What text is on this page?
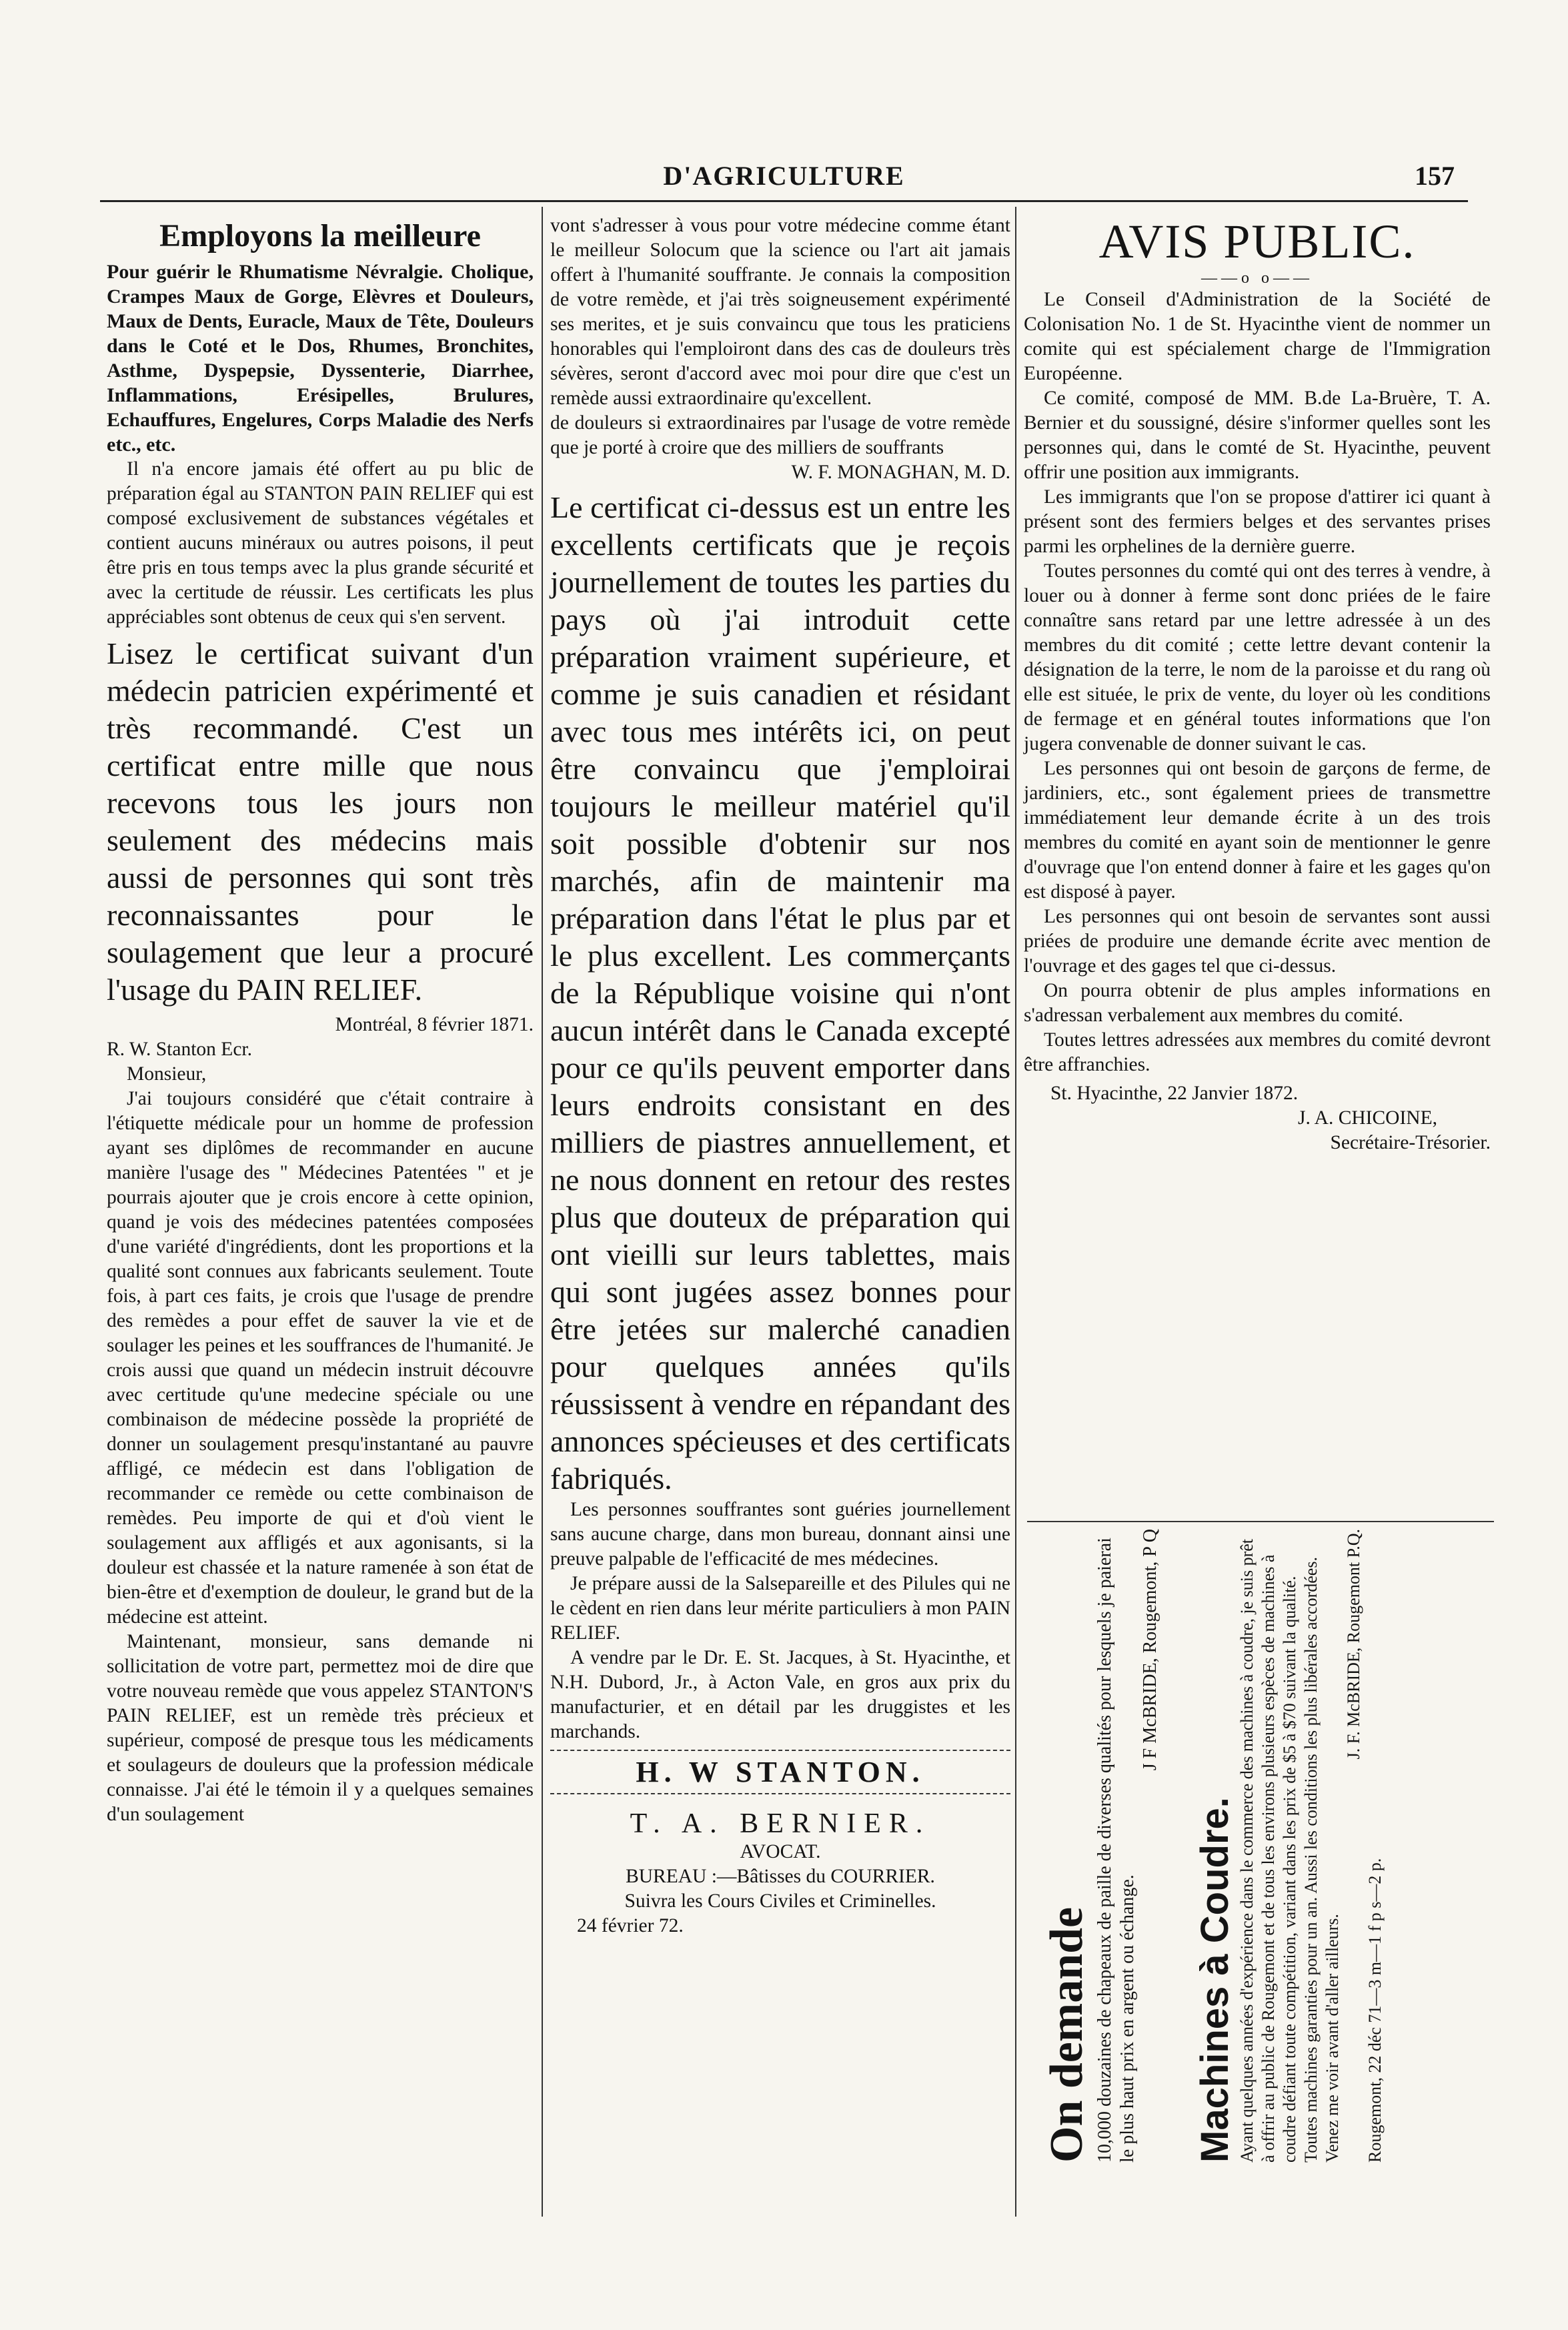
D'AGRICULTURE	157

Employons la meilleure

Pour guérir le Rhumatisme Névralgie. Cholique, Crampes Maux de Gorge, Elèvres et Douleurs, Maux de Dents, Euracle, Maux de Tête, Douleurs dans le Coté et le Dos, Rhumes, Bronchites, Asthme, Dyspepsie, Dyssenterie, Diarrhee, Inflammations, Erésipelles, Brulures, Echauffures, Engelures, Corps Maladie des Nerfs etc., etc.

Il n'a encore jamais été offert au pu blic de préparation égal au STANTON PAIN RELIEF qui est composé exclusivement de substances végétales et contient aucuns minéraux ou autres poisons, il peut être pris en tous temps avec la plus grande sécurité et avec la certitude de réussir. Les certificats les plus appréciables sont obtenus de ceux qui s'en servent.

Lisez le certificat suivant d'un médecin patricien expérimenté et très recommandé. C'est un certificat entre mille que nous recevons tous les jours non seulement des médecins mais aussi de personnes qui sont très reconnaissantes pour le soulagement que leur a procuré l'usage du PAIN RELIEF.

Montréal, 8 février 1871.

R. W. Stanton Ecr.

Monsieur,

J'ai toujours considéré que c'était contraire à l'étiquette médicale pour un homme de profession ayant ses diplômes de recommander en aucune manière l'usage des " Médecines Patentées " et je pourrais ajouter que je crois encore à cette opinion, quand je vois des médecines patentées composées d'une variété d'ingrédients, dont les proportions et la qualité sont connues aux fabricants seulement. Toute fois, à part ces faits, je crois que l'usage de prendre des remèdes a pour effet de sauver la vie et de soulager les peines et les souffrances de l'humanité. Je crois aussi que quand un médecin instruit découvre avec certitude qu'une medecine spéciale ou une combinaison de médecine possède la propriété de donner un soulagement presqu'instantané au pauvre affligé, ce médecin est dans l'obligation de recommander ce remède ou cette combinaison de remèdes. Peu importe de qui et d'où vient le soulagement aux affligés et aux agonisants, si la douleur est chassée et la nature ramenée à son état de bien-être et d'exemption de douleur, le grand but de la médecine est atteint.

Maintenant, monsieur, sans demande ni sollicitation de votre part, permettez moi de dire que votre nouveau remède que vous appelez STANTON'S PAIN RELIEF, est un remède très précieux et supérieur, composé de presque tous les médicaments et soulageurs de douleurs que la profession médicale connaisse. J'ai été le témoin il y a quelques semaines d'un soulagement

vont s'adresser à vous pour votre médecine comme étant le meilleur Solocum que la science ou l'art ait jamais offert à l'humanité souffrante. Je connais la composition de votre remède, et j'ai très soigneusement expérimenté ses merites, et je suis convaincu que tous les praticiens honorables qui l'emploiront dans des cas de douleurs très sévères, seront d'accord avec moi pour dire que c'est un remède aussi extraordinaire qu'excellent.

de douleurs si extraordinaires par l'usage de votre remède que je porté à croire que des milliers de souffrants

W. F. MONAGHAN, M. D.

Le certificat ci-dessus est un entre les excellents certificats que je reçois journellement de toutes les parties du pays où j'ai introduit cette préparation vraiment supérieure, et comme je suis canadien et résidant avec tous mes intérêts ici, on peut être convaincu que j'emploirai toujours le meilleur matériel qu'il soit possible d'obtenir sur nos marchés, afin de maintenir ma préparation dans l'état le plus par et le plus excellent. Les commerçants de la République voisine qui n'ont aucun intérêt dans le Canada excepté pour ce qu'ils peuvent emporter dans leurs endroits consistant en des milliers de piastres annuellement, et ne nous donnent en retour des restes plus que douteux de préparation qui ont vieilli sur leurs tablettes, mais qui sont jugées assez bonnes pour être jetées sur malerché canadien pour quelques années qu'ils réussissent à vendre en répandant des annonces spécieuses et des certificats fabriqués.

Les personnes souffrantes sont guéries journellement sans aucune charge, dans mon bureau, donnant ainsi une preuve palpable de l'efficacité de mes médecines.

Je prépare aussi de la Salsepareille et des Pilules qui ne le cèdent en rien dans leur mérite particuliers à mon PAIN RELIEF.

A vendre par le Dr. E. St. Jacques, à St. Hyacinthe, et N.H. Dubord, Jr., à Acton Vale, en gros aux prix du manufacturier, et en détail par les druggistes et les marchands.

H. W STANTON.

T. A. BERNIER.

AVOCAT.

BUREAU :—Bâtisses du COURRIER.

Suivra les Cours Civiles et Criminelles.

24 février 72.

AVIS PUBLIC.

——o o——

Le Conseil d'Administration de la Société de Colonisation No. 1 de St. Hyacinthe vient de nommer un comite qui est spécialement charge de l'Immigration Européenne.

Ce comité, composé de MM. B.de La-Bruère, T. A. Bernier et du soussigné, désire s'informer quelles sont les personnes qui, dans le comté de St. Hyacinthe, peuvent offrir une position aux immigrants.

Les immigrants que l'on se propose d'attirer ici quant à présent sont des fermiers belges et des servantes prises parmi les orphelines de la dernière guerre.

Toutes personnes du comté qui ont des terres à vendre, à louer ou à donner à ferme sont donc priées de le faire connaître sans retard par une lettre adressée à un des membres du dit comité ; cette lettre devant contenir la désignation de la terre, le nom de la paroisse et du rang où elle est située, le prix de vente, du loyer où les conditions de fermage et en général toutes informations que l'on jugera convenable de donner suivant le cas.

Les personnes qui ont besoin de garçons de ferme, de jardiniers, etc., sont également priees de transmettre immédiatement leur demande écrite à un des trois membres du comité en ayant soin de mentionner le genre d'ouvrage que l'on entend donner à faire et les gages qu'on est disposé à payer.

Les personnes qui ont besoin de servantes sont aussi priées de produire une demande écrite avec mention de l'ouvrage et des gages tel que ci-dessus.

On pourra obtenir de plus amples informations en s'adressan verbalement aux membres du comité.

Toutes lettres adressées aux membres du comité devront être affranchies.

St. Hyacinthe, 22 Janvier 1872.

J. A. CHICOINE,

Secrétaire-Trésorier.

On demande 10,000 douzaines de chapeaux de paille de diverses qualités pour lesquels je paierai le plus haut prix en argent ou échange.

J F McBRIDE, Rougemont, P Q

Machines à Coudre. Ayant quelques années d'expérience dans le commerce des machines à coudre, je suis prêt à offrir au public de Rougemont et de tous les environs plusieurs espèces de machines à coudre défiant toute compétition, variant dans les prix de $5 à $70 suivant la qualité. Toutes machines garanties pour un an. Aussi les conditions les plus libérales accordées. Venez me voir avant d'aller ailleurs.

J. F. McBRIDE, Rougemont P.Q.

Rougemont, 22 déc 71—3 m—1 f p s—2 p.
